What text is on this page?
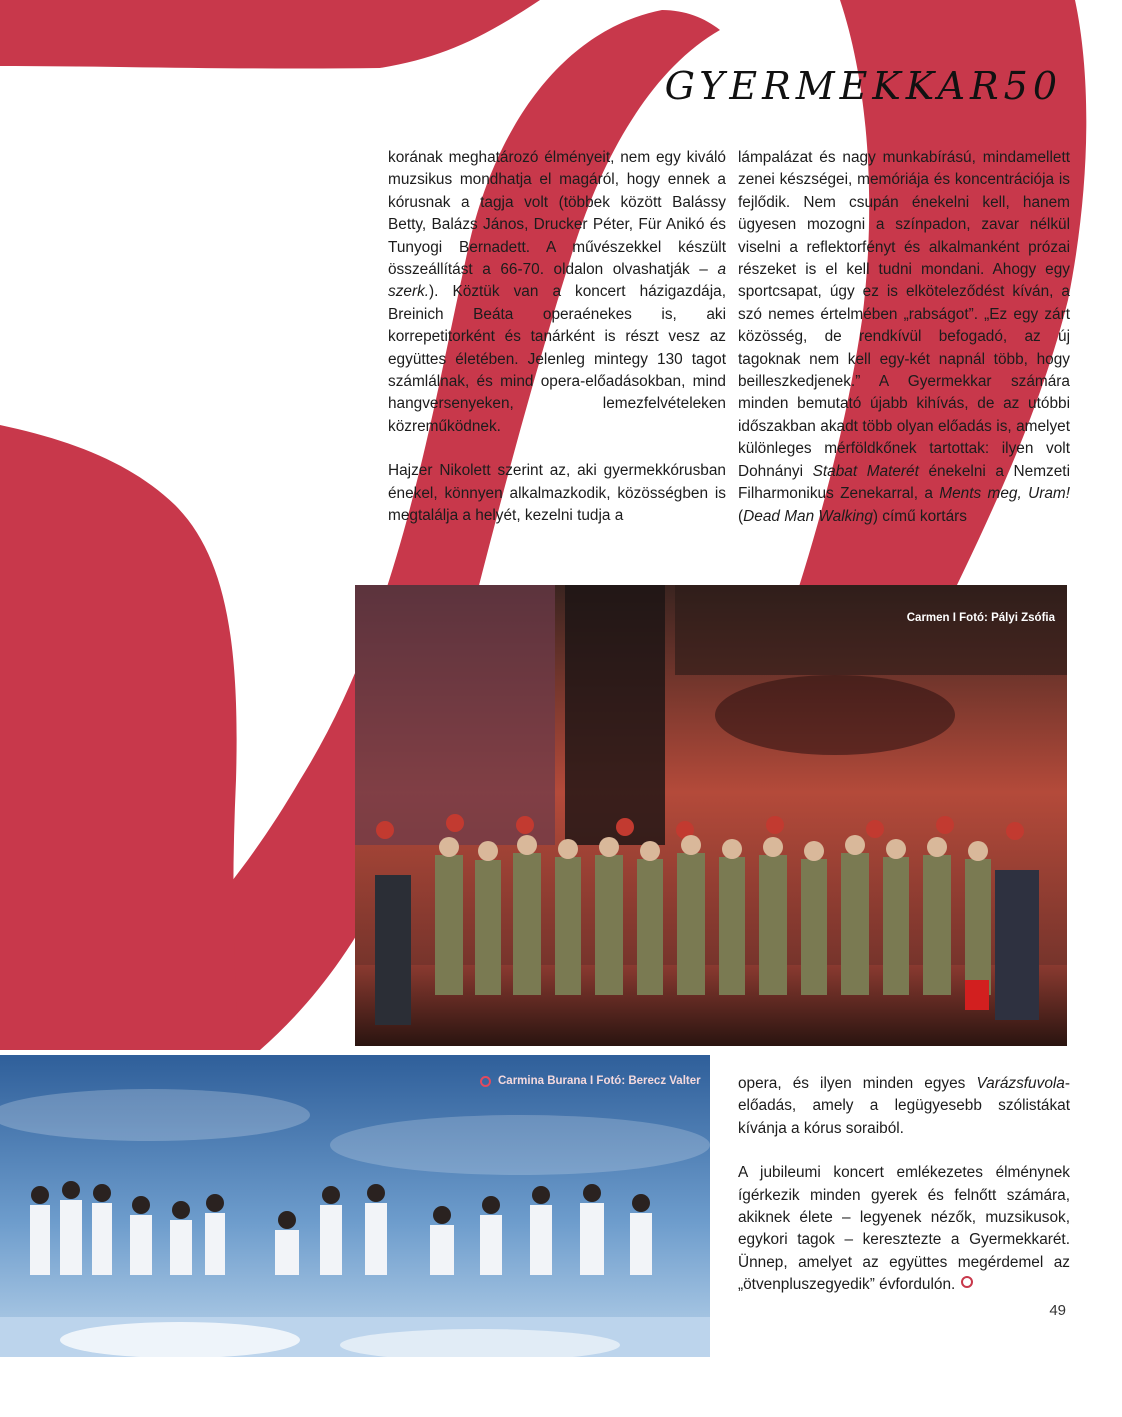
GYERMEKKAR50

korának meghatározó élményeit, nem egy kiváló muzsikus mondhatja el magáról, hogy ennek a kórusnak a tagja volt (többek között Balássy Betty, Balázs János, Drucker Péter, Für Anikó és Tunyogi Bernadett. A művészekkel készült összeállítást a 66-70. oldalon olvashatják – a szerk.). Köztük van a koncert házigazdája, Breinich Beáta operaénekes is, aki korrepetitorként és tanárként is részt vesz az együttes életében. Jelenleg mintegy 130 tagot számlálnak, és mind opera-előadásokban, mind hangversenyeken, lemezfelvételeken közreműködnek.

Hajzer Nikolett szerint az, aki gyermekkórusban énekel, könnyen alkalmazkodik, közösségben is megtalálja a helyét, kezelni tudja a

lámpalázat és nagy munkabírású, mindamellett zenei készségei, memóriája és koncentrációja is fejlődik. Nem csupán énekelni kell, hanem ügyesen mozogni a színpadon, zavar nélkül viselni a reflektorfényt és alkalmanként prózai részeket is el kell tudni mondani. Ahogy egy sportcsapat, úgy ez is elköteleződést kíván, a szó nemes értelmében „rabságot”. „Ez egy zárt közösség, de rendkívül befogadó, az új tagoknak nem kell egy-két napnál több, hogy beilleszkedjenek.” A Gyermekkar számára minden bemutató újabb kihívás, de az utóbbi időszakban akadt több olyan előadás is, amelyet különleges mérföldkőnek tartottak: ilyen volt Dohnányi Stabat Materét énekelni a Nemzeti Filharmonikus Zenekarral, a Ments meg, Uram! (Dead Man Walking) című kortárs

Carmen I Fotó: Pályi Zsófia
Carmina Burana I Fotó: Berecz Valter opera, és ilyen minden egyes Varázsfuvola-előadás, amely a legügyesebb szólistákat kívánja a kórus soraiból.

A jubileumi koncert emlékezetes élménynek ígérkezik minden gyerek és felnőtt számára, akiknek élete – legyenek nézők, muzsikusok, egykori tagok – keresztezte a Gyermekkarét. Ünnep, amelyet az együttes megérdemel az „ötvenpluszegyedik” évfordulón.

49
